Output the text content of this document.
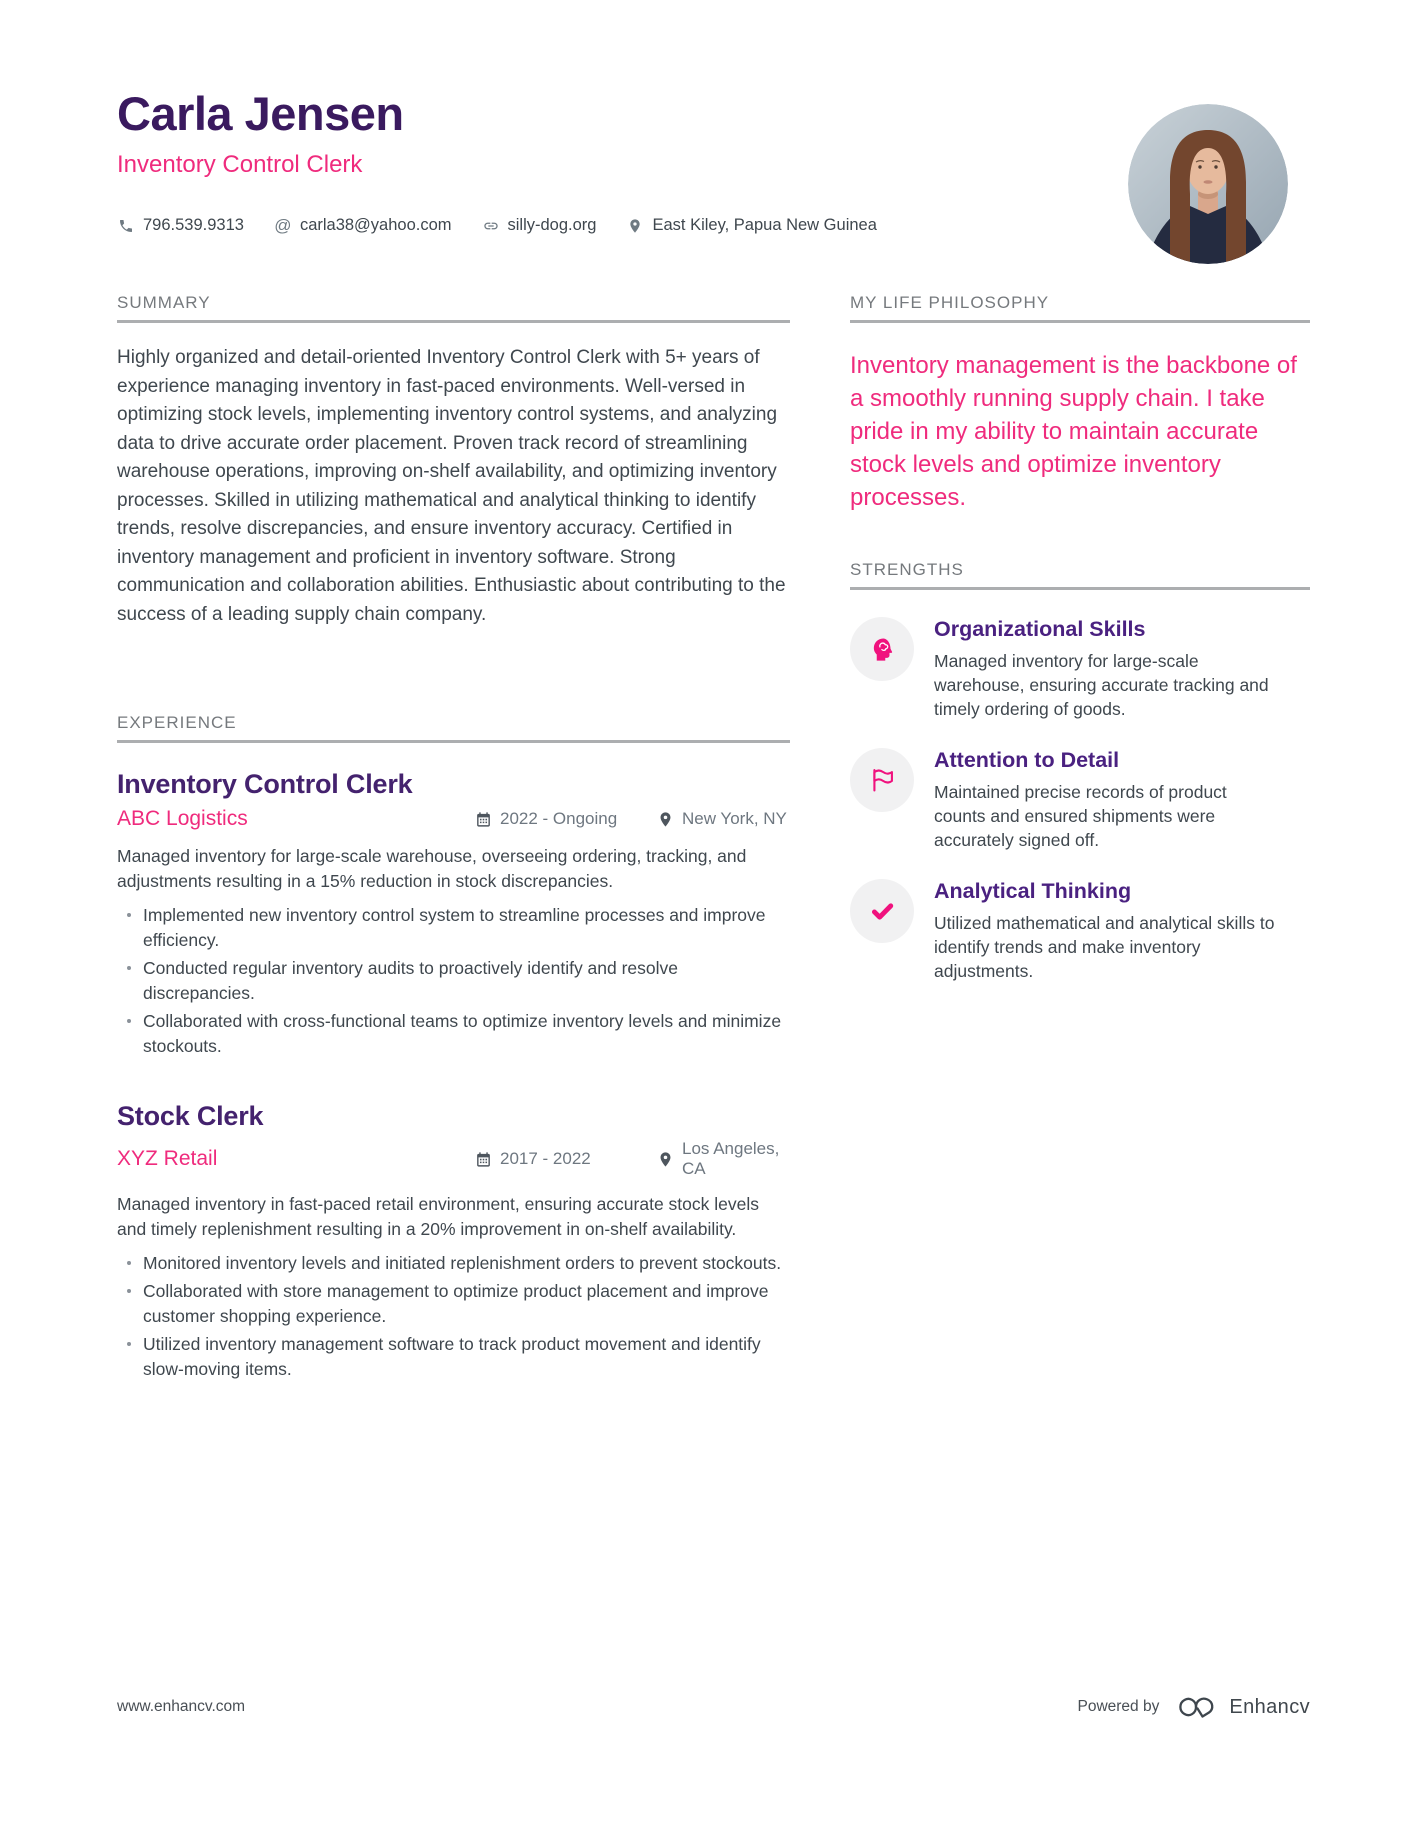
Carla Jensen
Inventory Control Clerk
796.539.9313 @ carla38@yahoo.com	silly-dog.org	East Kiley, Papua New Guinea
SUMMARY
Highly organized and detail-oriented Inventory Control Clerk with 5+ years of experience managing inventory in fast-paced environments. Well-versed in optimizing stock levels, implementing inventory control systems, and analyzing data to drive accurate order placement. Proven track record of streamlining warehouse operations, improving on-shelf availability, and optimizing inventory processes. Skilled in utilizing mathematical and analytical thinking to identify trends, resolve discrepancies, and ensure inventory accuracy. Certified in inventory management and proficient in inventory software. Strong communication and collaboration abilities. Enthusiastic about contributing to the success of a leading supply chain company.
EXPERIENCE
Inventory Control Clerk
ABC Logistics	2022 - Ongoing	New York, NY
Managed inventory for large-scale warehouse, overseeing ordering, tracking, and adjustments resulting in a 15% reduction in stock discrepancies.
Implemented new inventory control system to streamline processes and improve efficiency.
Conducted regular inventory audits to proactively identify and resolve discrepancies.
Collaborated with cross-functional teams to optimize inventory levels and minimize stockouts.
Stock Clerk
XYZ Retail	2017 - 2022
Los Angeles, CA
Managed inventory in fast-paced retail environment, ensuring accurate stock levels and timely replenishment resulting in a 20% improvement in on-shelf availability.
Monitored inventory levels and initiated replenishment orders to prevent stockouts.
Collaborated with store management to optimize product placement and improve customer shopping experience.
Utilized inventory management software to track product movement and identify slow-moving items.
MY LIFE PHILOSOPHY
Inventory management is the backbone of a smoothly running supply chain. I take pride in my ability to maintain accurate stock levels and optimize inventory processes.
STRENGTHS
Organizational Skills
Managed inventory for large-scale warehouse, ensuring accurate tracking and timely ordering of goods.
Attention to Detail
Maintained precise records of product counts and ensured shipments were accurately signed off.
Analytical Thinking
Utilized mathematical and analytical skills to identify trends and make inventory adjustments.
www.enhancv.com	Powered by	Enhancv
